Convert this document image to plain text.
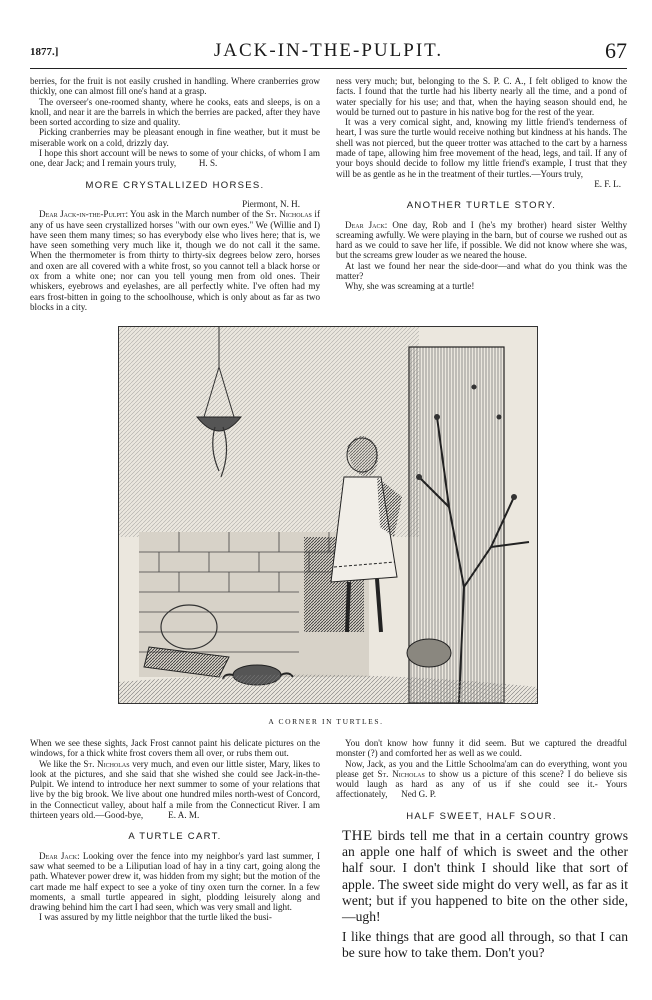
1877.]	JACK-IN-THE-PULPIT.	67

berries, for the fruit is not easily crushed in handling. Where cranberries grow thickly, one can almost fill one's hand at a grasp.

The overseer's one-roomed shanty, where he cooks, eats and sleeps, is on a knoll, and near it are the barrels in which the berries are packed, after they have been sorted according to size and quality.

Picking cranberries may be pleasant enough in fine weather, but it must be miserable work on a cold, drizzly day.

I hope this short account will be news to some of your chicks, of whom I am one, dear Jack; and I remain yours truly, H. S.

MORE CRYSTALLIZED HORSES.

Piermont, N. H.

Dear Jack-in-the-Pulpit: You ask in the March number of the St. Nicholas if any of us have seen crystallized horses "with our own eyes." We (Willie and I) have seen them many times; so has everybody else who lives here; that is, we have seen something very much like it, though we do not call it the same. When the thermometer is from thirty to thirty-six degrees below zero, horses and oxen are all covered with a white frost, so you cannot tell a black horse or ox from a white one; nor can you tell young men from old ones. Their whiskers, eyebrows and eyelashes, are all perfectly white. I've often had my ears frost-bitten in going to the schoolhouse, which is only about as far as two blocks in a city.

ness very much; but, belonging to the S. P. C. A., I felt obliged to know the facts. I found that the turtle had his liberty nearly all the time, and a pond of water specially for his use; and that, when the haying season should end, he would be turned out to pasture in his native bog for the rest of the year.

It was a very comical sight, and, knowing my little friend's tenderness of heart, I was sure the turtle would receive nothing but kindness at his hands. The shell was not pierced, but the queer trotter was attached to the cart by a harness made of tape, allowing him free movement of the head, legs, and tail. If any of your boys should decide to follow my little friend's example, I trust that they will be as gentle as he in the treatment of their turtles.—Yours truly,

E. F. L.

ANOTHER TURTLE STORY.

Dear Jack: One day, Rob and I (he's my brother) heard sister Welthy screaming awfully. We were playing in the barn, but of course we rushed out as hard as we could to save her life, if possible. We did not know where she was, but the screams grew louder as we neared the house.

At last we found her near the side-door—and what do you think was the matter?

Why, she was screaming at a turtle!

A CORNER IN TURTLES.

When we see these sights, Jack Frost cannot paint his delicate pictures on the windows, for a thick white frost covers them all over, or rubs them out.

We like the St. Nicholas very much, and even our little sister, Mary, likes to look at the pictures, and she said that she wished she could see Jack-in-the-Pulpit. We intend to introduce her next summer to some of your relations that live by the big brook. We live about one hundred miles north-west of Concord, in the Connecticut valley, about half a mile from the Connecticut River. I am thirteen years old.—Good-bye,	E. A. M.

A TURTLE CART.

Dear Jack: Looking over the fence into my neighbor's yard last summer, I saw what seemed to be a Liliputian load of hay in a tiny cart, going along the path. Whatever power drew it, was hidden from my sight; but the motion of the cart made me half expect to see a yoke of tiny oxen turn the corner. In a few moments, a small turtle appeared in sight, plodding leisurely along and drawing behind him the cart I had seen, which was very small and light.

I was assured by my little neighbor that the turtle liked the busi-

You don't know how funny it did seem. But we captured the dreadful monster (?) and comforted her as well as we could.

Now, Jack, as you and the Little Schoolma'am can do everything, wont you please get St. Nicholas to show us a picture of this scene? I do believe sis would laugh as hard as any of us if she could see it.- Yours affectionately, Ned G. P.

HALF SWEET, HALF SOUR.

THE birds tell me that in a certain country grows an apple one half of which is sweet and the other half sour. I don't think I should like that sort of apple. The sweet side might do very well, as far as it went; but if you happened to bite on the other side,—ugh!

I like things that are good all through, so that I can be sure how to take them. Don't you?
